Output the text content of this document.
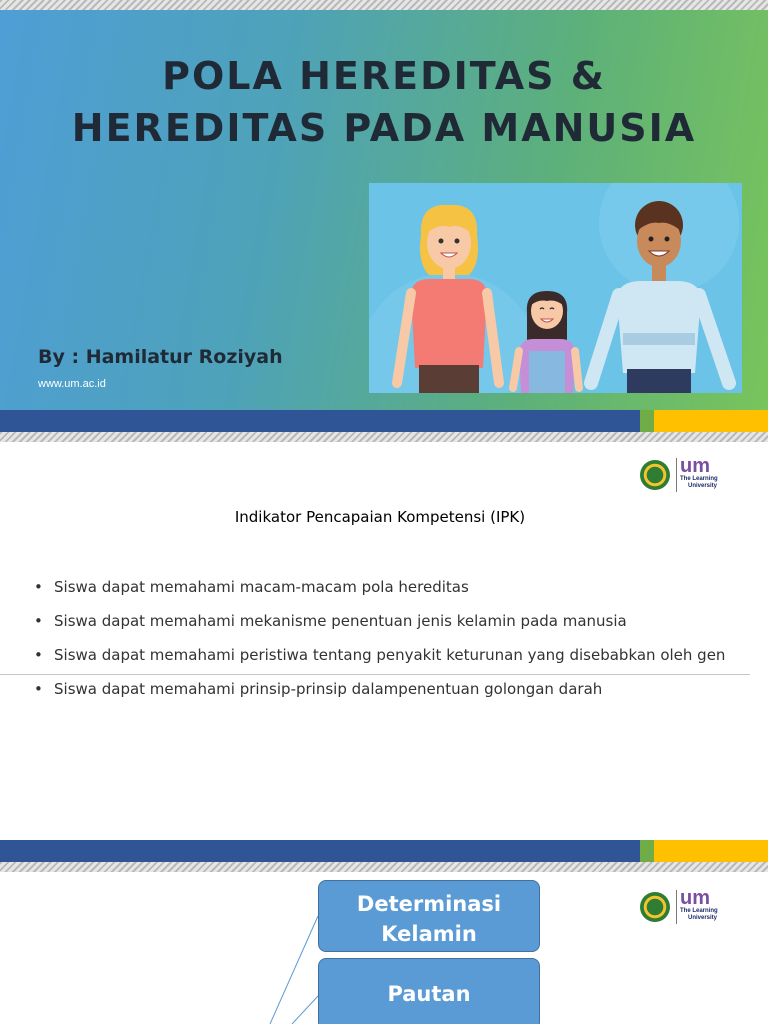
POLA HEREDITAS &
HEREDITAS PADA MANUSIA
By : Hamilatur Roziyah
www.um.ac.id
um
The Learning
University
Indikator Pencapaian Kompetensi (IPK)
• Siswa dapat memahami macam-macam pola hereditas
• Siswa dapat memahami mekanisme penentuan jenis kelamin pada manusia
• Siswa dapat memahami peristiwa tentang penyakit keturunan yang disebabkan oleh gen
• Siswa dapat memahami prinsip-prinsip dalampenentuan golongan darah
um
The Learning
University
Determinasi Kelamin
Pautan
